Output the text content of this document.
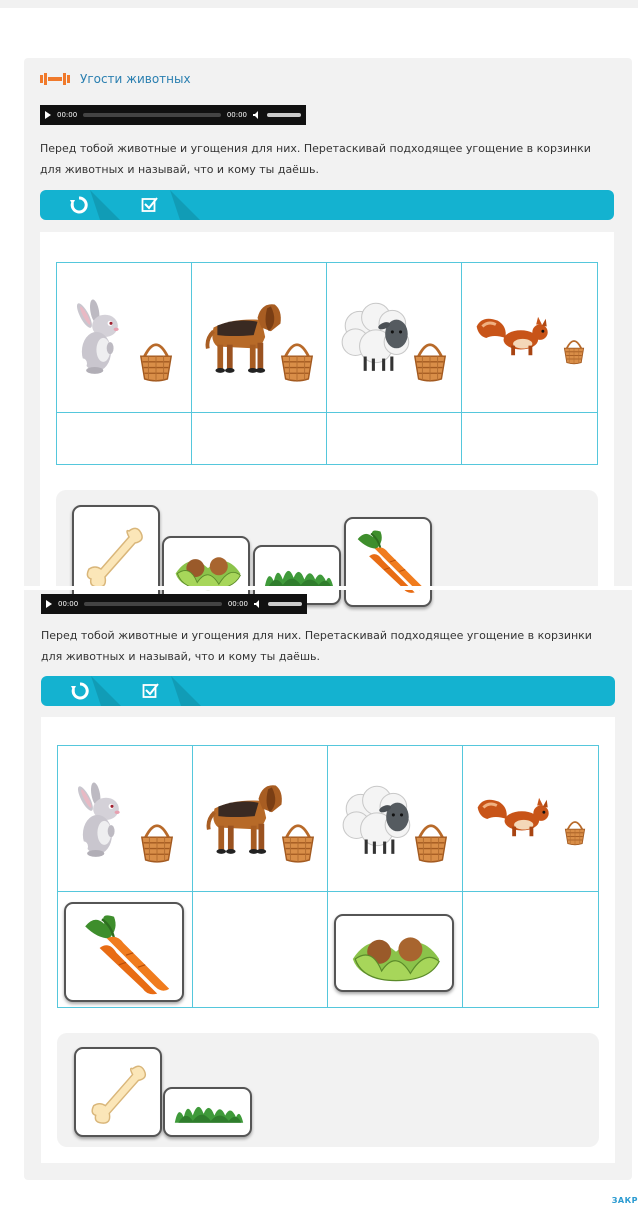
Угости животных
00:00	00:00
Перед тобой животные и угощения для них. Перетаскивай подходящее угощение в корзинки для животных и называй, что и кому ты даёшь.
00:00	00:00
Перед тобой животные и угощения для них. Перетаскивай подходящее угощение в корзинки для животных и называй, что и кому ты даёшь.
ЗАКР
